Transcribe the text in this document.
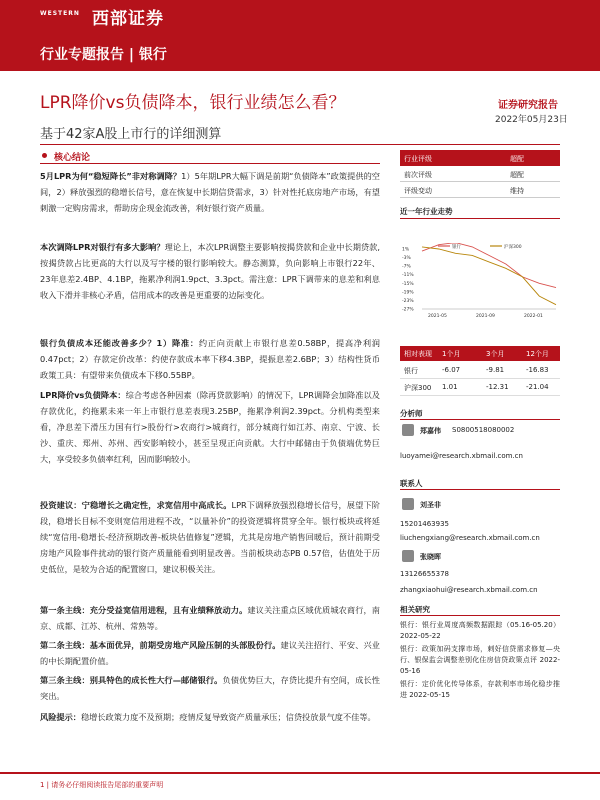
WESTERN 西部证券
行业专题报告 | 银行
LPR降价vs负债降本，银行业绩怎么看？
基于42家A股上市行的详细测算
证券研究报告
2022年05月23日
核心结论
5月LPR为何“稳短降长”非对称调降？1）5年期LPR大幅下调是前期“负债降本”政策提供的空间，2）释放强烈的稳增长信号，意在恢复中长期信贷需求，3）针对性托底房地产市场，有望刺激一定购房需求，帮助房企现金流改善，利好银行资产质量。
本次调降LPR对银行有多大影响？理论上，本次LPR调整主要影响按揭贷款和企业中长期贷款,按揭贷款占比更高的大行以及写字楼的银行影响较大。静态测算，负向影响上市银行22年、23年息差2.4BP、4.1BP，拖累净利润1.9pct、3.3pct。需注意：LPR下调带来的息差和利息收入下滑并非核心矛盾，信用成本的改善是更重要的边际变化。
银行负债成本还能改善多少？1）降准：约正向贡献上市银行息差0.58BP，提高净利润0.47pct；2）存款定价改革：约使存款成本率下移4.3BP，提振息差2.6BP；3）结构性货币政策工具：有望带来负债成本下移0.55BP。
LPR降价vs负债降本：综合考虑各种因素（除再贷款影响）的情况下，LPR调降会加降准以及存款优化，约拖累未来一年上市银行息差表现3.25BP，拖累净利润2.39pct。分机构类型来看，净息差下滑压力国有行>股份行>农商行>城商行，部分城商行如江苏、南京、宁波、长沙、重庆、郑州、苏州、西安影响较小，甚至呈现正向贡献。大行中邮储由于负债端优势巨大，享受较多负债率红利，因而影响较小。
投资建议：宁稳增长之确定性，求宽信用中高成长。LPR下调释放强烈稳增长信号，展望下阶段，稳增长目标不变则宽信用进程不改，“以量补价”的投资逻辑将贯穿全年。银行板块或将延续“宽信用-稳增长-经济预期改善-板块估值修复”逻辑，尤其是房地产销售回暖后，预计前期受房地产风险事件扰动的银行资产质量能看到明显改善。当前板块动态PB 0.57倍，估值处于历史低位，是较为合适的配置窗口，建议积极关注。
第一条主线：充分受益宽信用进程，且有业绩释放动力。建议关注重点区域优质城农商行，南京、成都、江苏、杭州、常熟等。
第二条主线：基本面优异，前期受房地产风险压制的头部股份行。建议关注招行、平安、兴业的中长期配置价值。
第三条主线：别具特色的成长性大行—邮储银行。负债优势巨大，存贷比提升有空间，成长性突出。
风险提示：稳增长政策力度不及预期；疫情反复导致资产质量承压；信贷投放景气度不佳等。
行业评级	超配
前次评级	超配
评级变动	维持
近一年行业走势
银行	沪深300
1%
-3%
-7%
-11%
-15%
-19%
-23%
-27%
2021-05	2021-09	2022-01
相对表现 1个月	3个月	12个月
银行	-6.07	-9.81	-16.83
沪深300 1.01	-12.31 -21.04
分析师
郑嘉伟 S0800518080002
luoyamei@research.xbmail.com.cn
联系人
刘圣非
15201463935
liuchengxiang@research.xbmail.com.cn
张晓晖
13126655378
zhangxiaohui@research.xbmail.com.cn
相关研究
银行：银行业周度高频数据跟踪（05.16-05.20） 2022-05-22
银行：政策加码支撑市场，刺好信贷需求修复—央行、银保监会调整差别化住房信贷政策点评 2022-05-16
银行：定价优化传导体系，存款利率市场化稳步推进 2022-05-15
1 | 请务必仔细阅读报告尾部的重要声明
